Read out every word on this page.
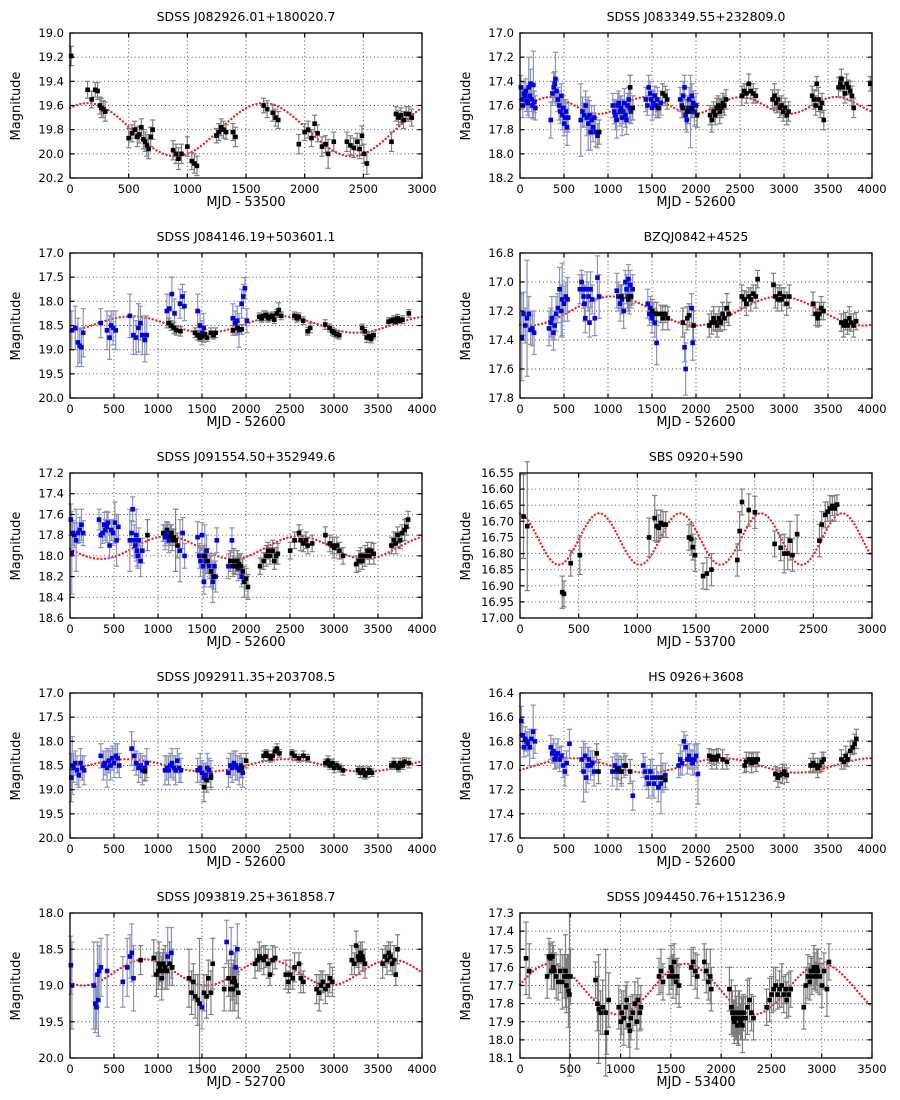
0	500	1000	1500	2000	2500	3000
19.0
19.2
19.4
19.6
19.8
20.0
20.2
SDSS J082926.01+180020.7
Magnitude
MJD - 53500
0	500 1000 1500 2000 2500 3000 3500 4000
17.0
17.2
17.4
17.6
17.8
18.0
18.2
SDSS J083349.55+232809.0
Magnitude
MJD - 52600
0	500 1000 1500 2000 2500 3000 3500 4000
17.0
17.5
18.0
18.5
19.0
19.5
20.0
SDSS J084146.19+503601.1
Magnitude
MJD - 52600
0	500 1000 1500 2000 2500 3000 3500 4000
16.8
17.0
17.2
17.4
17.6
17.8
BZQJ0842+4525
Magnitude
MJD - 52600
0	500 1000 1500 2000 2500 3000 3500 4000
17.2
17.4
17.6
17.8
18.0
18.2
18.4
18.6
SDSS J091554.50+352949.6
Magnitude
MJD - 52600
0	500	1000	1500	2000	2500	3000
16.55
16.60
16.65
16.70
16.75
16.80
16.85
16.90
16.95
17.00
SBS 0920+590
Magnitude
MJD - 53700
0	500 1000 1500 2000 2500 3000 3500 4000
17.0
17.5
18.0
18.5
19.0
19.5
20.0
SDSS J092911.35+203708.5
Magnitude
MJD - 52600
0	500 1000 1500 2000 2500 3000 3500 4000
16.4
16.6
16.8
17.0
17.2
17.4
17.6
HS 0926+3608
Magnitude
MJD - 52600
0	500 1000 1500 2000 2500 3000 3500 4000
18.0
18.5
19.0
19.5
20.0
SDSS J093819.25+361858.7
Magnitude
MJD - 52700
0	500 1000 1500 2000 2500 3000 3500
17.3
17.4
17.5
17.6
17.7
17.8
17.9
18.0
18.1
SDSS J094450.76+151236.9
Magnitude
MJD - 53400
